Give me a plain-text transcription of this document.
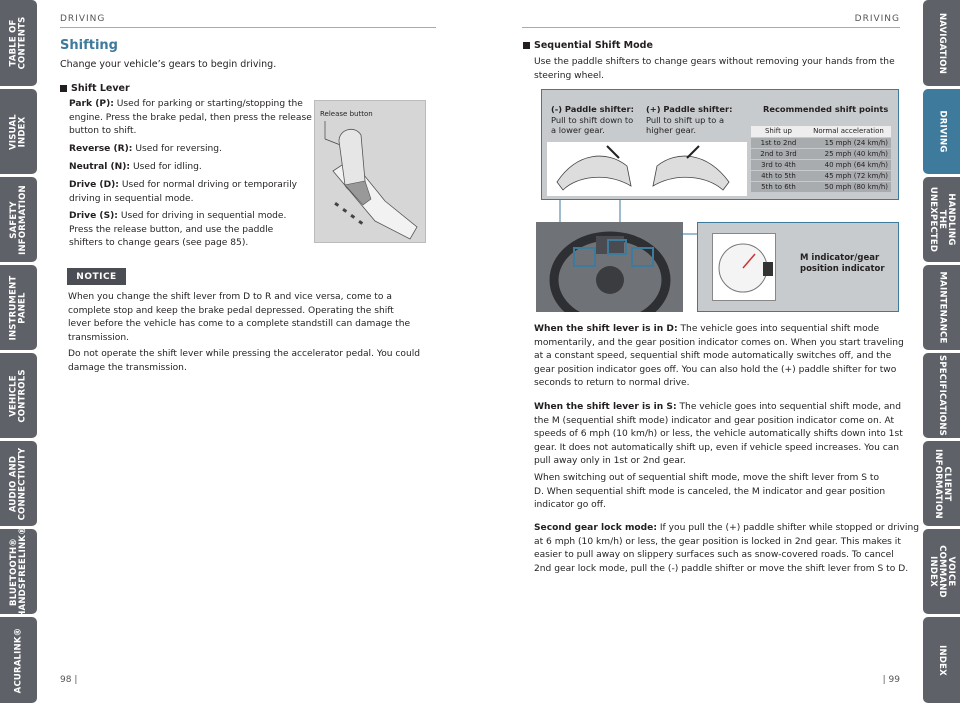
TABLE OF
CONTENTS
VISUAL INDEX
SAFETY
INFORMATION
INSTRUMENT
PANEL
VEHICLE
CONTROLS
AUDIO AND
CONNECTIVITY
BLUETOOTH®
HANDSFREELINK®
ACURALINK®
NAVIGATION
DRIVING
HANDLING THE
UNEXPECTED
MAINTENANCE
SPECIFICATIONS
CLIENT
INFORMATION
VOICE COMMAND
INDEX
INDEX
DRIVING
Shifting
Change your vehicle’s gears to begin driving.
Shift Lever
Park (P): Used for parking or starting/stopping the
engine. Press the brake pedal, then press the release
button to shift.
Reverse (R): Used for reversing.
Neutral (N): Used for idling.
Drive (D): Used for normal driving or temporarily
driving in sequential mode.
Drive (S): Used for driving in sequential mode.
Press the release button, and use the paddle
shifters to change gears (see page 85).
Release button
NOTICE
When you change the shift lever from D to R and vice versa, come to a
complete stop and keep the brake pedal depressed. Operating the shift
lever before the vehicle has come to a complete standstill can damage the
transmission.
Do not operate the shift lever while pressing the accelerator pedal. You could
damage the transmission.
98 |
DRIVING
Sequential Shift Mode
Use the paddle shifters to change gears without removing your hands from the
steering wheel.
(-) Paddle shifter:
Pull to shift down to
a lower gear.
(+) Paddle shifter:
Pull to shift up to a
higher gear.
Recommended shift points
Shift up	Normal acceleration
1st to 2nd	15 mph (24 km/h)
2nd to 3rd	25 mph (40 km/h)
3rd to 4th	40 mph (64 km/h)
4th to 5th	45 mph (72 km/h)
5th to 6th	50 mph (80 km/h)
M indicator/gear
position indicator
When the shift lever is in D: The vehicle goes into sequential shift mode
momentarily, and the gear position indicator comes on. When you start traveling
at a constant speed, sequential shift mode automatically switches off, and the
gear position indicator goes off. You can also hold the (+) paddle shifter for two
seconds to return to normal drive.
When the shift lever is in S: The vehicle goes into sequential shift mode, and
the M (sequential shift mode) indicator and gear position indicator come on. At
speeds of 6 mph (10 km/h) or less, the vehicle automatically shifts down into 1st
gear. It does not automatically shift up, even if vehicle speed increases. You can
pull away only in 1st or 2nd gear.
When switching out of sequential shift mode, move the shift lever from S to
D. When sequential shift mode is canceled, the M indicator and gear position
indicator go off.
Second gear lock mode: If you pull the (+) paddle shifter while stopped or driving
at 6 mph (10 km/h) or less, the gear position is locked in 2nd gear. This makes it
easier to pull away on slippery surfaces such as snow-covered roads. To cancel
2nd gear lock mode, pull the (-) paddle shifter or move the shift lever from S to D.
| 99
